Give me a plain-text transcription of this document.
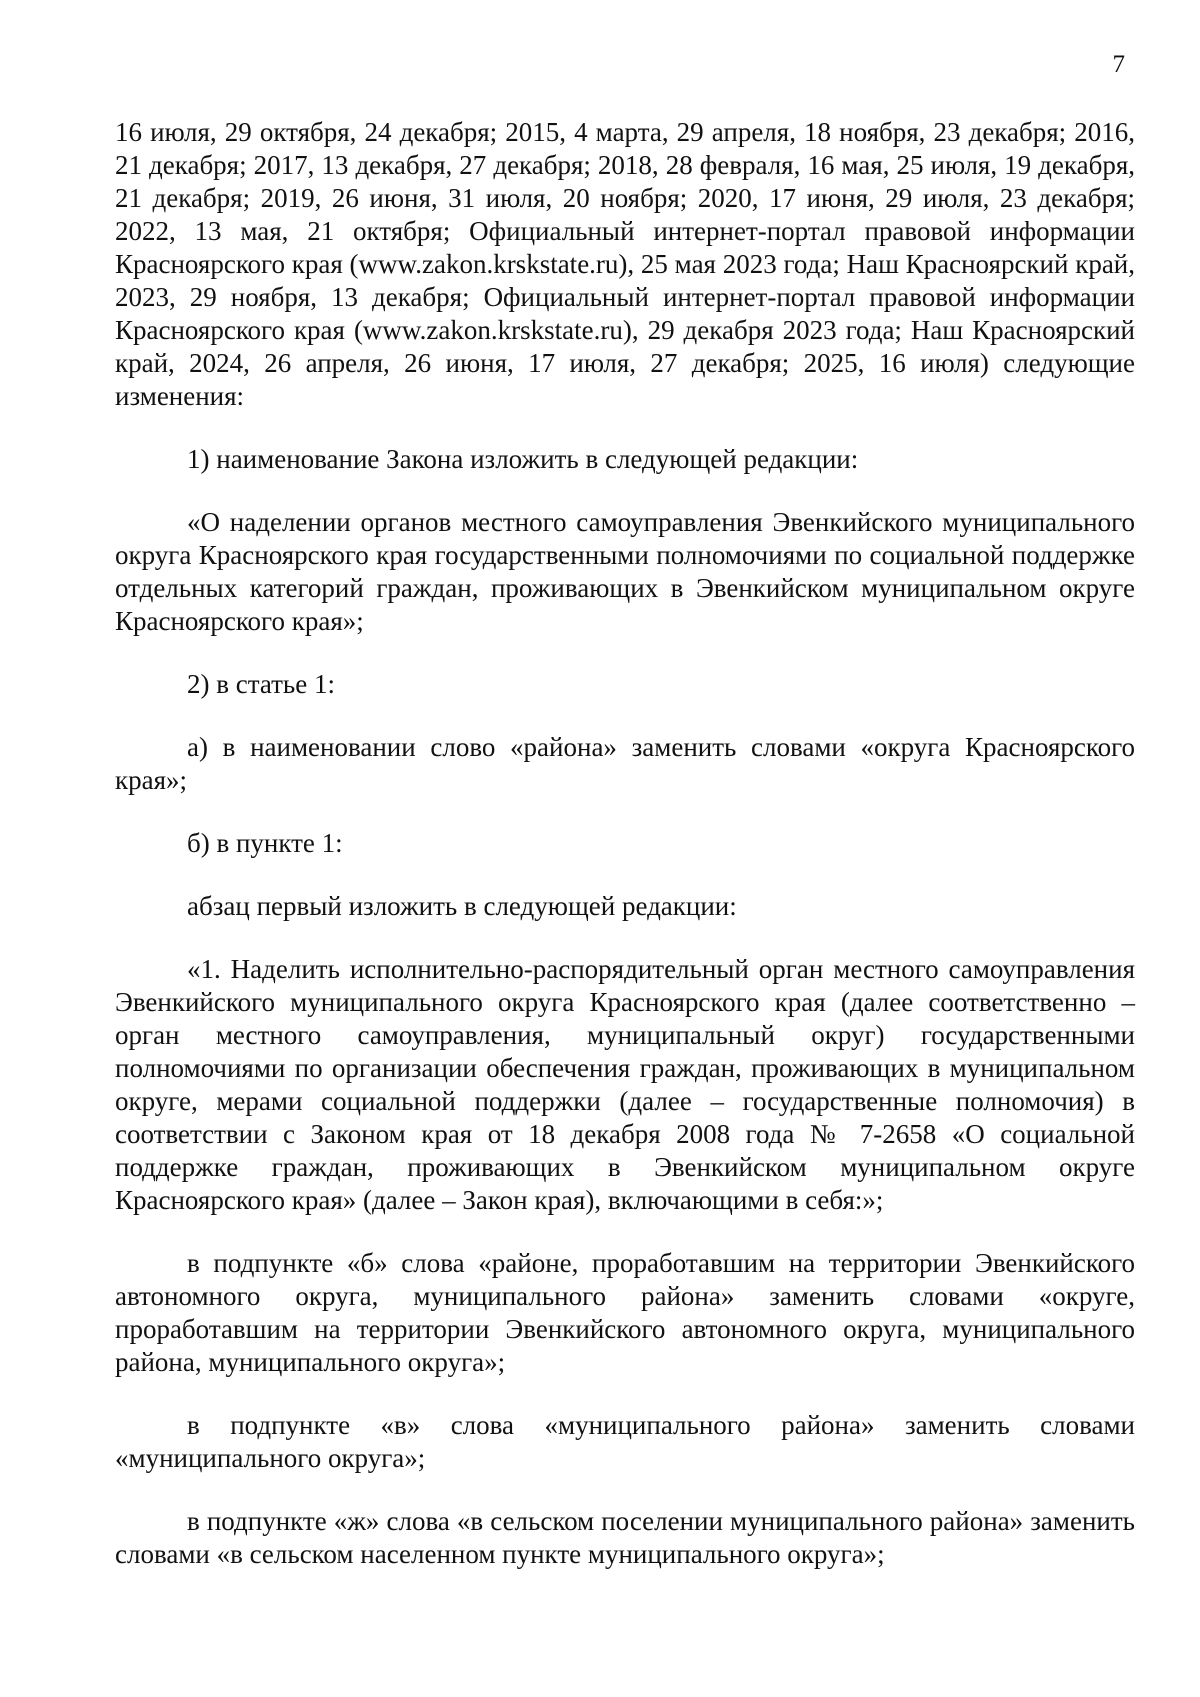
7

16 июля, 29 октября, 24 декабря; 2015, 4 марта, 29 апреля, 18 ноября, 23 декабря; 2016, 21 декабря; 2017, 13 декабря, 27 декабря; 2018, 28 февраля, 16 мая, 25 июля, 19 декабря, 21 декабря; 2019, 26 июня, 31 июля, 20 ноября; 2020, 17 июня, 29 июля, 23 декабря; 2022, 13 мая, 21 октября; Официальный интернет-портал правовой информации Красноярского края (www.zakon.krskstate.ru), 25 мая 2023 года; Наш Красноярский край, 2023, 29 ноября, 13 декабря; Официальный интернет-портал правовой информации Красноярского края (www.zakon.krskstate.ru), 29 декабря 2023 года; Наш Красноярский край, 2024, 26 апреля, 26 июня, 17 июля, 27 декабря; 2025, 16 июля) следующие изменения:

1) наименование Закона изложить в следующей редакции:

«О наделении органов местного самоуправления Эвенкийского муниципального округа Красноярского края государственными полномочиями по социальной поддержке отдельных категорий граждан, проживающих в Эвенкийском муниципальном округе Красноярского края»;

2) в статье 1:

а) в наименовании слово «района» заменить словами «округа Красноярского края»;

б) в пункте 1:

абзац первый изложить в следующей редакции:

«1. Наделить исполнительно-распорядительный орган местного самоуправления Эвенкийского муниципального округа Красноярского края (далее соответственно – орган местного самоуправления, муниципальный округ) государственными полномочиями по организации обеспечения граждан, проживающих в муниципальном округе, мерами социальной поддержки (далее – государственные полномочия) в соответствии с Законом края от 18 декабря 2008 года № 7-2658 «О социальной поддержке граждан, проживающих в Эвенкийском муниципальном округе Красноярского края» (далее – Закон края), включающими в себя:»;

в подпункте «б» слова «районе, проработавшим на территории Эвенкийского автономного округа, муниципального района» заменить словами «округе, проработавшим на территории Эвенкийского автономного округа, муниципального района, муниципального округа»;

в подпункте «в» слова «муниципального района» заменить словами «муниципального округа»;

в подпункте «ж» слова «в сельском поселении муниципального района» заменить словами «в сельском населенном пункте муниципального округа»;
